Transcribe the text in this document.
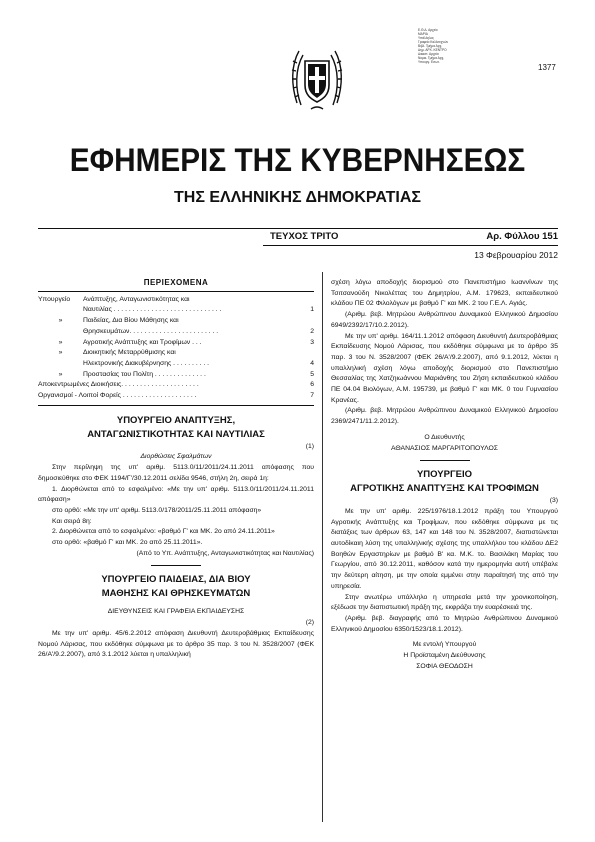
Ε.Θ.Δ. Αρχείο
ΜΑΡΙΑ
Υπάλληλος
Γραφείο Καλλιτεχνών
Βιβλ. Τμήμα Αρχ.
Δημ. ΑΡΧ. ΚΕΝΤΡΟ
Δικαστ. Αρχεία
Νομικ. Τμήμα Αρχ.
Υπουργ. Εσωτ.
1377
ΕΦΗΜΕΡΙΣ ΤΗΣ ΚΥΒΕΡΝΗΣΕΩΣ
ΤΗΣ ΕΛΛΗΝΙΚΗΣ ΔΗΜΟΚΡΑΤΙΑΣ
ΤΕΥΧΟΣ ΤΡΙΤΟ	Αρ. Φύλλου 151
13 Φεβρουαρίου 2012
ΠΕΡΙΕΧΟΜΕΝΑ
Υπουργείο	Ανάπτυξης, Ανταγωνιστικότητας και
Ναυτιλίας . . . . . . . . . . . . . . . . . . . . . . . . . . . . .	1
»	Παιδείας, Δια Βίου Μάθησης και
Θρησκευμάτων. . . . . . . . . . . . . . . . . . . . . . . .	2
»	Αγροτικής Ανάπτυξης και Τροφίμων . . .	3
»	Διοικητικής Μεταρρύθμισης και
Ηλεκτρονικής Διακυβέρνησης . . . . . . . . . .	4
»	Προστασίας του Πολίτη . . . . . . . . . . . . . .	5
Αποκεντρωμένες Διοικήσεις. . . . . . . . . . . . . . . . . . . . .	6
Οργανισμοί - Λοιποί Φορείς . . . . . . . . . . . . . . . . . . . .	7
ΥΠΟΥΡΓΕΙΟ ΑΝΑΠΤΥΞΗΣ,
ΑΝΤΑΓΩΝΙΣΤΙΚΟΤΗΤΑΣ ΚΑΙ ΝΑΥΤΙΛΙΑΣ

(1)

Διορθώσεις Σφαλμάτων

Στην περίληψη της υπ' αριθμ. 5113.0/11/2011/24.11.2011 απόφασης που δημοσιεύθηκε στο ΦΕΚ 1194/Γ'/30.12.2011 σελίδα 9546, στήλη 2η, σειρά 1η:

1. Διορθώνεται από το εσφαλμένο: «Με την υπ' αριθμ. 5113.0/11/2011/24.11.2011 απόφαση»

στο ορθό: «Με την υπ' αριθμ. 5113.0/178/2011/25.11.2011 απόφαση»

Και σειρά 8η:

2. Διορθώνεται από το εσφαλμένο: «βαθμό Γ' και ΜΚ. 2ο από 24.11.2011»

στο ορθό: «βαθμό Γ' και ΜΚ. 2ο από 25.11.2011».

(Από το Υπ. Ανάπτυξης, Ανταγωνιστικότητας και Ναυτιλίας)

ΥΠΟΥΡΓΕΙΟ ΠΑΙΔΕΙΑΣ, ΔΙΑ ΒΙΟΥ
ΜΑΘΗΣΗΣ ΚΑΙ ΘΡΗΣΚΕΥΜΑΤΩΝ

ΔΙΕΥΘΥΝΣΕΙΣ ΚΑΙ ΓΡΑΦΕΙΑ ΕΚΠΑΙΔΕΥΣΗΣ

(2)

Με την υπ' αριθμ. 45/6.2.2012 απόφαση Διευθυντή Δευτεροβάθμιας Εκπαίδευσης Νομού Λάρισας, που εκδόθηκε σύμφωνα με το άρθρο 35 παρ. 3 του Ν. 3528/2007 (ΦΕΚ 26/Α'/9.2.2007), από 3.1.2012 λύεται η υπαλληλική

σχέση λόγω αποδοχής διορισμού στο Πανεπιστήμιο Ιωαννίνων της Τσιτσανούδη Νικολέττας του Δημητρίου, Α.Μ. 179623, εκπαιδευτικού κλάδου ΠΕ 02 Φιλολόγων με βαθμό Γ' και ΜΚ. 2 του Γ.Ε.Λ. Αγιάς.

(Αριθμ. βεβ. Μητρώου Ανθρώπινου Δυναμικού Ελληνικού Δημοσίου 6949/2392/17/10.2.2012).

Με την υπ' αριθμ. 164/11.1.2012 απόφαση Διευθυντή Δευτεροβάθμιας Εκπαίδευσης Νομού Λάρισας, που εκδόθηκε σύμφωνα με το άρθρο 35 παρ. 3 του Ν. 3528/2007 (ΦΕΚ 26/Α'/9.2.2007), από 9.1.2012, λύεται η υπαλληλική σχέση λόγω αποδοχής διορισμού στο Πανεπιστήμιο Θεσσαλίας της Χατζηιωάννου Μαριάνθης του Ζήση εκπαιδευτικού κλάδου ΠΕ 04.04 Βιολόγων, Α.Μ. 195739, με βαθμό Γ' και ΜΚ. 0 του Γυμνασίου Κρανέας.

(Αριθμ. βεβ. Μητρώου Ανθρώπινου Δυναμικού Ελληνικού Δημοσίου 2369/2471/11.2.2012).

Ο Διευθυντής

ΑΘΑΝΑΣΙΟΣ ΜΑΡΓΑΡΙΤΟΠΟΥΛΟΣ

ΥΠΟΥΡΓΕΙΟ
ΑΓΡΟΤΙΚΗΣ ΑΝΑΠΤΥΞΗΣ ΚΑΙ ΤΡΟΦΙΜΩΝ

(3)

Με την υπ' αριθμ. 225/1976/18.1.2012 πράξη του Υπουργού Αγροτικής Ανάπτυξης και Τροφίμων, που εκδόθηκε σύμφωνα με τις διατάξεις των άρθρων 63, 147 και 148 του Ν. 3528/2007, διαπιστώνεται αυτοδίκαιη λύση της υπαλληλικής σχέσης της υπαλλήλου του κλάδου ΔΕ2 Βοηθών Εργαστηρίων με βαθμό Β' κα. Μ.Κ. το. Βασιλάκη Μαρίας του Γεωργίου, από 30.12.2011, καθόσον κατά την ημερομηνία αυτή υπέβαλε την δεύτερη αίτηση, με την οποία εμμένει στην παραίτησή της από την υπηρεσία.

Στην ανωτέρω υπάλληλο η υπηρεσία μετά την χρονικοποίηση, εξέδωσε την διαπιστωτική πράξη της, εκφράζει την ευαρέσκειά της.

(Αριθμ. βεβ. διαγραφής από το Μητρώο Ανθρώπινου Δυναμικού Ελληνικού Δημοσίου 6350/1523/18.1.2012).

Με εντολή Υπουργού

Η Προϊσταμένη Διεύθυνσης

ΣΟΦΙΑ ΘΕΟΔΟΣΗ
